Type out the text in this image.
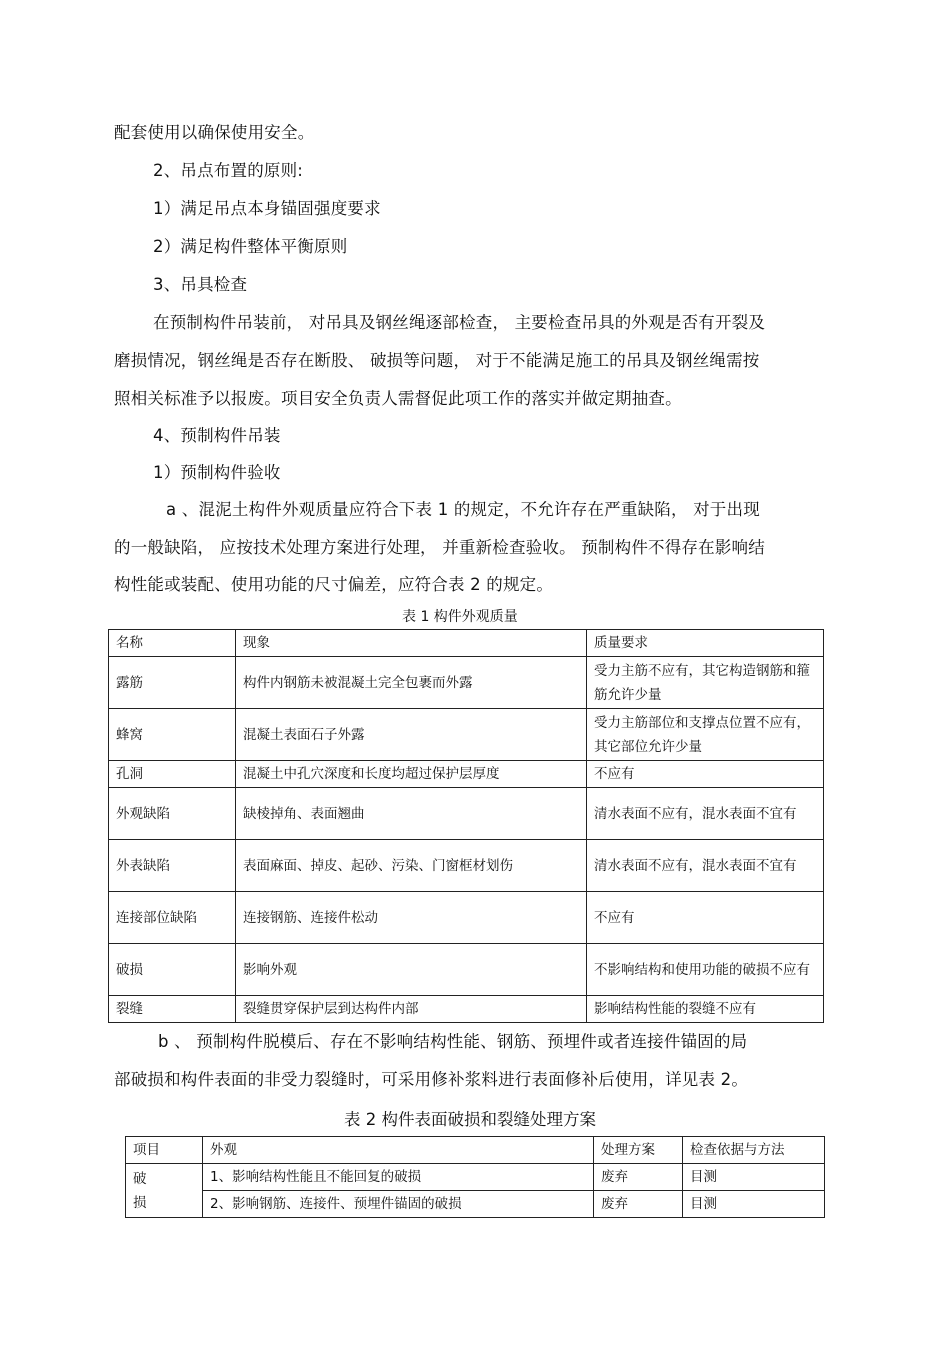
配套使用以确保使用安全。
2、吊点布置的原则:
1）满足吊点本身锚固强度要求
2）满足构件整体平衡原则
3、吊具检查
在预制构件吊装前， 对吊具及钢丝绳逐部检查， 主要检查吊具的外观是否有开裂及
磨损情况，钢丝绳是否存在断股、 破损等问题， 对于不能满足施工的吊具及钢丝绳需按
照相关标准予以报废。项目安全负责人需督促此项工作的落实并做定期抽查。
4、预制构件吊装
1）预制构件验收
a 、混泥土构件外观质量应符合下表 1 的规定，不允许存在严重缺陷， 对于出现
的一般缺陷， 应按技术处理方案进行处理， 并重新检查验收。 预制构件不得存在影响结
构性能或装配、使用功能的尺寸偏差，应符合表 2 的规定。
表 1 构件外观质量
名称	现象	质量要求
露筋	构件内钢筋未被混凝土完全包裹而外露	受力主筋不应有，其它构造钢筋和箍筋允许少量
蜂窝	混凝土表面石子外露	受力主筋部位和支撑点位置不应有，其它部位允许少量
孔洞	混凝土中孔穴深度和长度均超过保护层厚度	不应有
外观缺陷	缺棱掉角、表面翘曲	清水表面不应有，混水表面不宜有
外表缺陷	表面麻面、掉皮、起砂、污染、门窗框材划伤	清水表面不应有，混水表面不宜有
连接部位缺陷	连接钢筋、连接件松动	不应有
破损	影响外观	不影响结构和使用功能的破损不应有
裂缝	裂缝贯穿保护层到达构件内部	影响结构性能的裂缝不应有
b 、 预制构件脱模后、存在不影响结构性能、钢筋、预埋件或者连接件锚固的局
部破损和构件表面的非受力裂缝时，可采用修补浆料进行表面修补后使用，详见表 2。
表 2 构件表面破损和裂缝处理方案
项目	外观	处理方案	检查依据与方法

破
损	1、影响结构性能且不能回复的破损	废弃	目测
	2、影响钢筋、连接件、预埋件锚固的破损	废弃	目测
